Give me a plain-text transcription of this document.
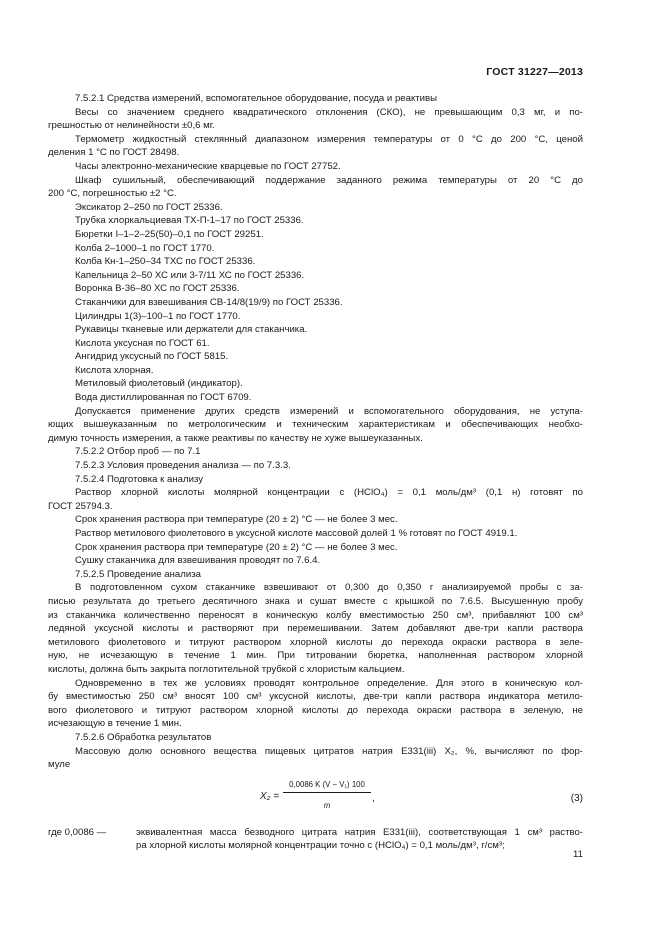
ГОСТ 31227—2013
7.5.2.1 Средства измерений, вспомогательное оборудование, посуда и реактивы
Весы со значением среднего квадратического отклонения (СКО), не превышающим 0,3 мг, и по-
грешностью от нелинейности ±0,6 мг.
Термометр жидкостный стеклянный диапазоном измерения температуры от 0 °С до 200 °С, ценой
деления 1 °С по ГОСТ 28498.
Часы электронно-механические кварцевые по ГОСТ 27752.
Шкаф сушильный, обеспечивающий поддержание заданного режима температуры от 20 °С до
200 °С, погрешностью ±2 °С.
Эксикатор 2–250 по ГОСТ 25336.
Трубка хлоркальциевая ТХ-П-1–17 по ГОСТ 25336.
Бюретки I–1–2–25(50)–0,1 по ГОСТ 29251.
Колба 2–1000–1 по ГОСТ 1770.
Колба Кн-1–250–34 ТХС по ГОСТ 25336.
Капельница 2–50 ХС или 3-7/11 ХС по ГОСТ 25336.
Воронка В-36–80 ХС по ГОСТ 25336.
Стаканчики для взвешивания СВ-14/8(19/9) по ГОСТ 25336.
Цилиндры 1(3)–100–1 по ГОСТ 1770.
Рукавицы тканевые или держатели для стаканчика.
Кислота уксусная по ГОСТ 61.
Ангидрид уксусный по ГОСТ 5815.
Кислота хлорная.
Метиловый фиолетовый (индикатор).
Вода дистиллированная по ГОСТ 6709.
Допускается применение других средств измерений и вспомогательного оборудования, не уступа-
ющих вышеуказанным по метрологическим и техническим характеристикам и обеспечивающих необхо-
димую точность измерения, а также реактивы по качеству не хуже вышеуказанных.
7.5.2.2 Отбор проб — по 7.1
7.5.2.3 Условия проведения анализа — по 7.3.3.
7.5.2.4 Подготовка к анализу
Раствор хлорной кислоты молярной концентрации c (HClO₄) = 0,1 моль/дм³ (0,1 н) готовят по
ГОСТ 25794.3.
Срок хранения раствора при температуре (20 ± 2) °С — не более 3 мес.
Раствор метилового фиолетового в уксусной кислоте массовой долей 1 % готовят по ГОСТ 4919.1.
Срок хранения раствора при температуре (20 ± 2) °С — не более 3 мес.
Сушку стаканчика для взвешивания проводят по 7.6.4.
7.5.2.5 Проведение анализа
В подготовленном сухом стаканчике взвешивают от 0,300 до 0,350 г анализируемой пробы с за-
писью результата до третьего десятичного знака и сушат вместе с крышкой по 7.6.5. Высушенную пробу
из стаканчика количественно переносят в коническую колбу вместимостью 250 см³, прибавляют 100 см³
ледяной уксусной кислоты и растворяют при перемешивании. Затем добавляют две-три капли раствора
метилового фиолетового и титруют раствором хлорной кислоты до перехода окраски раствора в зеле-
ную, не исчезающую в течение 1 мин. При титровании бюретка, наполненная раствором хлорной
кислоты, должна быть закрыта поглотительной трубкой с хлористым кальцием.
Одновременно в тех же условиях проводят контрольное определение. Для этого в коническую кол-
бу вместимостью 250 см³ вносят 100 см³ уксусной кислоты, две-три капли раствора индикатора метило-
вого фиолетового и титруют раствором хлорной кислоты до перехода окраски раствора в зеленую, не
исчезающую в течение 1 мин.
7.5.2.6 Обработка результатов
Массовую долю основного вещества пищевых цитратов натрия Е331(iii) X₂, %, вычисляют по фор-
муле
$X_2 = \frac{\text{0,0086 K (V − V₁) 100}}{m}$ ,	(3)
где 0,0086 —	эквивалентная масса безводного цитрата натрия Е331(iii), соответствующая 1 см³ раство-
ра хлорной кислоты молярной концентрации точно c (HClO₄) = 0,1 моль/дм³, г/см³;
11
